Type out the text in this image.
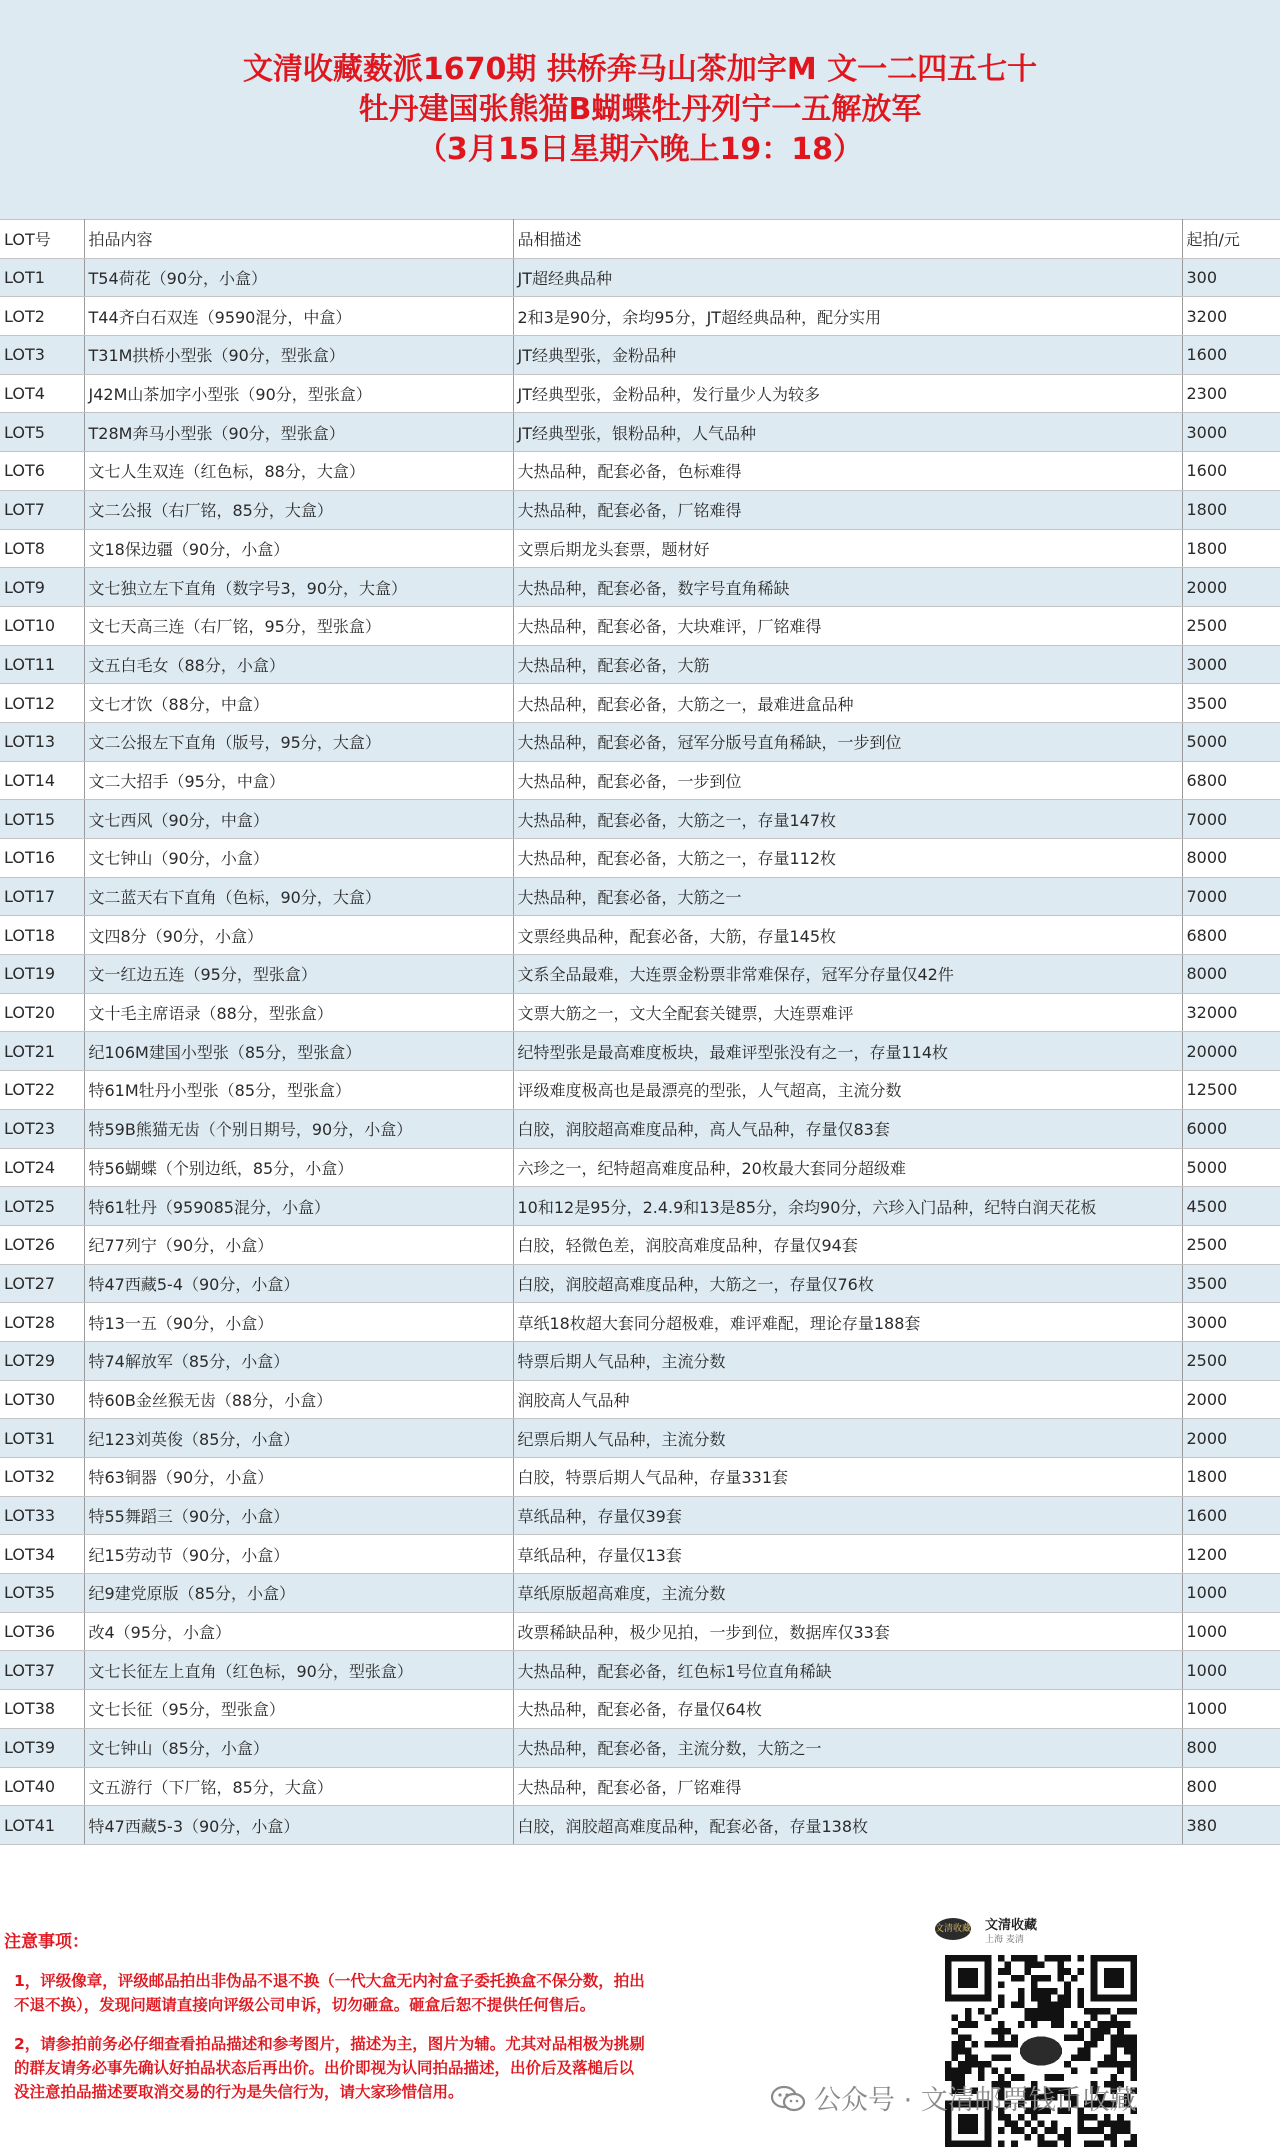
文清收藏薮派1670期 拱桥奔马山茶加字M 文一二四五七十
牡丹建国张熊猫B蝴蝶牡丹列宁一五解放军
（3月15日星期六晚上19：18）
LOT号	拍品内容	品相描述	起拍/元
LOT1	T54荷花（90分，小盒）	JT超经典品种	300
LOT2	T44齐白石双连（9590混分，中盒）	2和3是90分，余均95分，JT超经典品种，配分实用	3200
LOT3	T31M拱桥小型张（90分，型张盒）	JT经典型张，金粉品种	1600
LOT4	J42M山茶加字小型张（90分，型张盒）	JT经典型张，金粉品种，发行量少人为较多	2300
LOT5	T28M奔马小型张（90分，型张盒）	JT经典型张，银粉品种，人气品种	3000
LOT6	文七人生双连（红色标，88分，大盒）	大热品种，配套必备，色标难得	1600
LOT7	文二公报（右厂铭，85分，大盒）	大热品种，配套必备，厂铭难得	1800
LOT8	文18保边疆（90分，小盒）	文票后期龙头套票，题材好	1800
LOT9	文七独立左下直角（数字号3，90分，大盒）	大热品种，配套必备，数字号直角稀缺	2000
LOT10	文七天高三连（右厂铭，95分，型张盒）	大热品种，配套必备，大块难评，厂铭难得	2500
LOT11	文五白毛女（88分，小盒）	大热品种，配套必备，大筋	3000
LOT12	文七才饮（88分，中盒）	大热品种，配套必备，大筋之一，最难进盒品种	3500
LOT13	文二公报左下直角（版号，95分，大盒）	大热品种，配套必备，冠军分版号直角稀缺，一步到位	5000
LOT14	文二大招手（95分，中盒）	大热品种，配套必备，一步到位	6800
LOT15	文七西风（90分，中盒）	大热品种，配套必备，大筋之一，存量147枚	7000
LOT16	文七钟山（90分，小盒）	大热品种，配套必备，大筋之一，存量112枚	8000
LOT17	文二蓝天右下直角（色标，90分，大盒）	大热品种，配套必备，大筋之一	7000
LOT18	文四8分（90分，小盒）	文票经典品种，配套必备，大筋，存量145枚	6800
LOT19	文一红边五连（95分，型张盒）	文系全品最难，大连票金粉票非常难保存，冠军分存量仅42件	8000
LOT20	文十毛主席语录（88分，型张盒）	文票大筋之一，文大全配套关键票，大连票难评	32000
LOT21	纪106M建国小型张（85分，型张盒）	纪特型张是最高难度板块，最难评型张没有之一，存量114枚	20000
LOT22	特61M牡丹小型张（85分，型张盒）	评级难度极高也是最漂亮的型张，人气超高，主流分数	12500
LOT23	特59B熊猫无齿（个别日期号，90分，小盒）	白胶，润胶超高难度品种，高人气品种，存量仅83套	6000
LOT24	特56蝴蝶（个别边纸，85分，小盒）	六珍之一，纪特超高难度品种，20枚最大套同分超级难	5000
LOT25	特61牡丹（959085混分，小盒）	10和12是95分，2.4.9和13是85分，余均90分，六珍入门品种，纪特白润天花板	4500
LOT26	纪77列宁（90分，小盒）	白胶，轻微色差，润胶高难度品种，存量仅94套	2500
LOT27	特47西藏5-4（90分，小盒）	白胶，润胶超高难度品种，大筋之一，存量仅76枚	3500
LOT28	特13一五（90分，小盒）	草纸18枚超大套同分超极难，难评难配，理论存量188套	3000
LOT29	特74解放军（85分，小盒）	特票后期人气品种，主流分数	2500
LOT30	特60B金丝猴无齿（88分，小盒）	润胶高人气品种	2000
LOT31	纪123刘英俊（85分，小盒）	纪票后期人气品种，主流分数	2000
LOT32	特63铜器（90分，小盒）	白胶，特票后期人气品种，存量331套	1800
LOT33	特55舞蹈三（90分，小盒）	草纸品种，存量仅39套	1600
LOT34	纪15劳动节（90分，小盒）	草纸品种，存量仅13套	1200
LOT35	纪9建党原版（85分，小盒）	草纸原版超高难度，主流分数	1000
LOT36	改4（95分，小盒）	改票稀缺品种，极少见拍，一步到位，数据库仅33套	1000
LOT37	文七长征左上直角（红色标，90分，型张盒）	大热品种，配套必备，红色标1号位直角稀缺	1000
LOT38	文七长征（95分，型张盒）	大热品种，配套必备，存量仅64枚	1000
LOT39	文七钟山（85分，小盒）	大热品种，配套必备，主流分数，大筋之一	800
LOT40	文五游行（下厂铭，85分，大盒）	大热品种，配套必备，厂铭难得	800
LOT41	特47西藏5-3（90分，小盒）	白胶，润胶超高难度品种，配套必备，存量138枚	380
注意事项：
1，评级像章，评级邮品拍出非伪品不退不换（一代大盒无内衬盒子委托换盒不保分数，拍出
不退不换），发现问题请直接向评级公司申诉，切勿砸盒。砸盒后恕不提供任何售后。
2，请参拍前务必仔细查看拍品描述和参考图片，描述为主，图片为辅。尤其对品相极为挑剔
的群友请务必事先确认好拍品状态后再出价。出价即视为认同拍品描述，出价后及落槌后以
没注意拍品描述要取消交易的行为是失信行为，请大家珍惜信用。
文清收藏 文清收藏
上海 麦清
公众号 · 文清邮票钱币收藏
